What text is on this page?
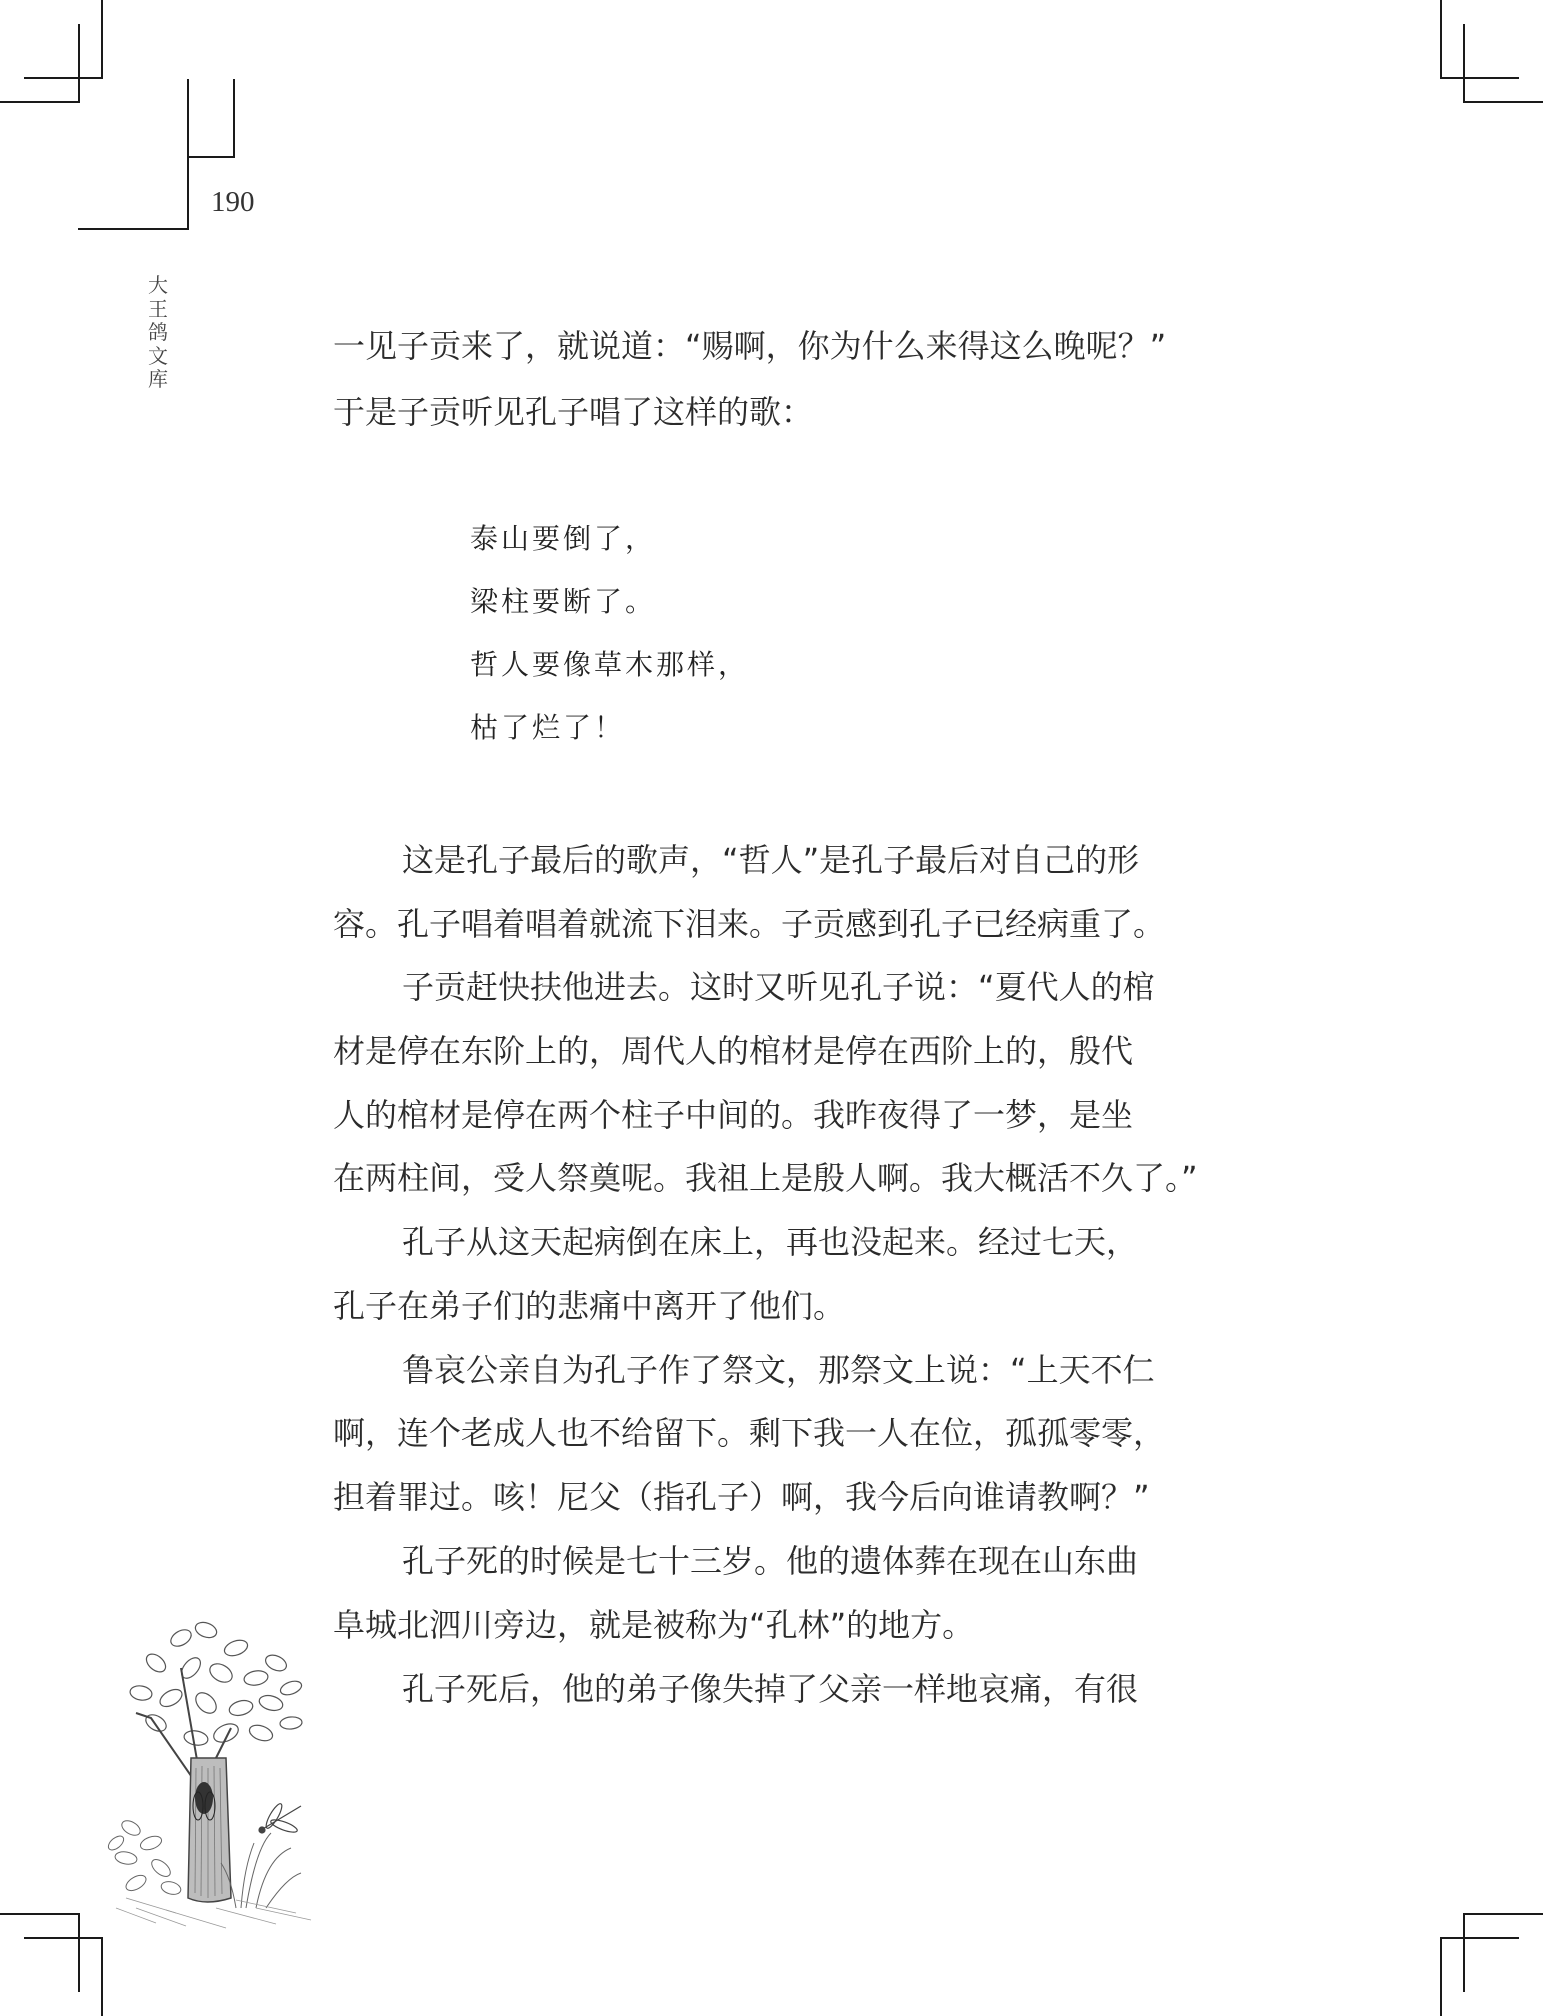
190
大
王
鸽
文
库
一见子贡来了，就说道：“赐啊，你为什么来得这么晚呢？”
于是子贡听见孔子唱了这样的歌：
泰山要倒了，
梁柱要断了。
哲人要像草木那样，
枯了烂了！
这是孔子最后的歌声，“哲人”是孔子最后对自己的形
容。孔子唱着唱着就流下泪来。子贡感到孔子已经病重了。
子贡赶快扶他进去。这时又听见孔子说：“夏代人的棺
材是停在东阶上的，周代人的棺材是停在西阶上的，殷代
人的棺材是停在两个柱子中间的。我昨夜得了一梦，是坐
在两柱间，受人祭奠呢。我祖上是殷人啊。我大概活不久了。”
孔子从这天起病倒在床上，再也没起来。经过七天，
孔子在弟子们的悲痛中离开了他们。
鲁哀公亲自为孔子作了祭文，那祭文上说：“上天不仁
啊，连个老成人也不给留下。剩下我一人在位，孤孤零零，
担着罪过。咳！尼父（指孔子）啊，我今后向谁请教啊？”
孔子死的时候是七十三岁。他的遗体葬在现在山东曲
阜城北泗川旁边，就是被称为“孔林”的地方。
孔子死后，他的弟子像失掉了父亲一样地哀痛，有很
